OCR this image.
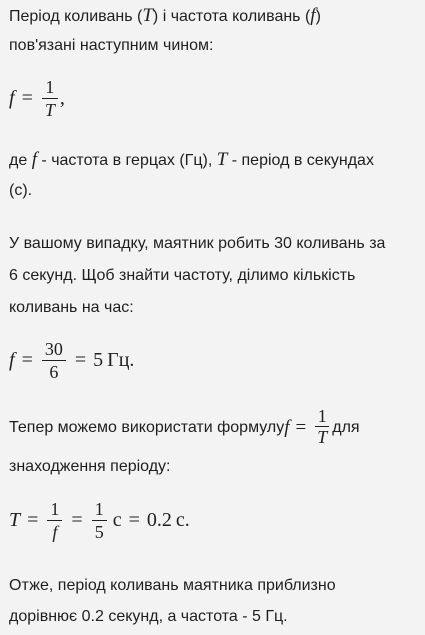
Період коливань (T) і частота коливань (f)

пов'язані наступним чином:

$f = \frac{1}{T}$ ,

де f - частота в герцах (Гц), T - період в секундах

(с).

У вашому випадку, маятник робить 30 коливань за

6 секунд. Щоб знайти частоту, ділимо кількість

коливань на час:

$f = \frac{30}{6} = 5$ Гц.
Тепер можемо використати формулу $f = \frac{1}{T}$ для

знаходження періоду:

$T = \frac{1}{f} = \frac{1}{5}$ с = 0.2 с.

Отже, період коливань маятника приблизно

дорівнює 0.2 секунд, а частота - 5 Гц.
